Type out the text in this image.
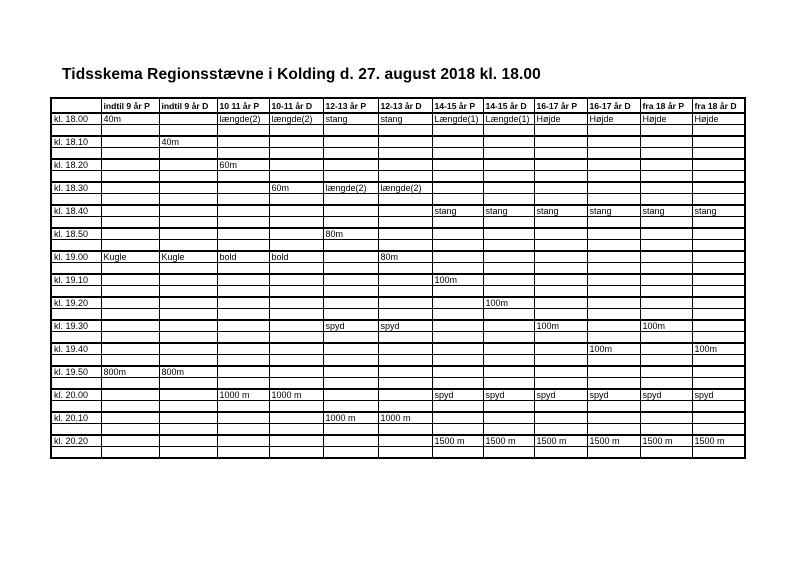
Tidsskema Regionsstævne i Kolding d. 27. august 2018 kl. 18.00
	indtil 9 år P	indtil 9 år D	10 11 år P	10-11 år D	12-13 år P	12-13 år D	14-15 år P	14-15 år D	16-17 år P	16-17 år D	fra 18 år P	fra 18 år D
kl. 18.00	40m		længde(2)	længde(2)	stang	stang	Længde(1)	Længde(1)	Højde	Højde	Højde	Højde

kl. 18.10		40m										

kl. 18.20			60m									

kl. 18.30				60m	længde(2)	længde(2)						

kl. 18.40							stang	stang	stang	stang	stang	stang

kl. 18.50					80m							

kl. 19.00	Kugle	Kugle	bold	bold		80m						

kl. 19.10							100m					

kl. 19.20								100m				

kl. 19.30					spyd	spyd			100m		100m	

kl. 19.40										100m		100m

kl. 19.50	800m	800m										

kl. 20.00			1000 m	1000 m			spyd	spyd	spyd	spyd	spyd	spyd

kl. 20.10					1000 m	1000 m						

kl. 20.20							1500 m	1500 m	1500 m	1500 m	1500 m	1500 m
